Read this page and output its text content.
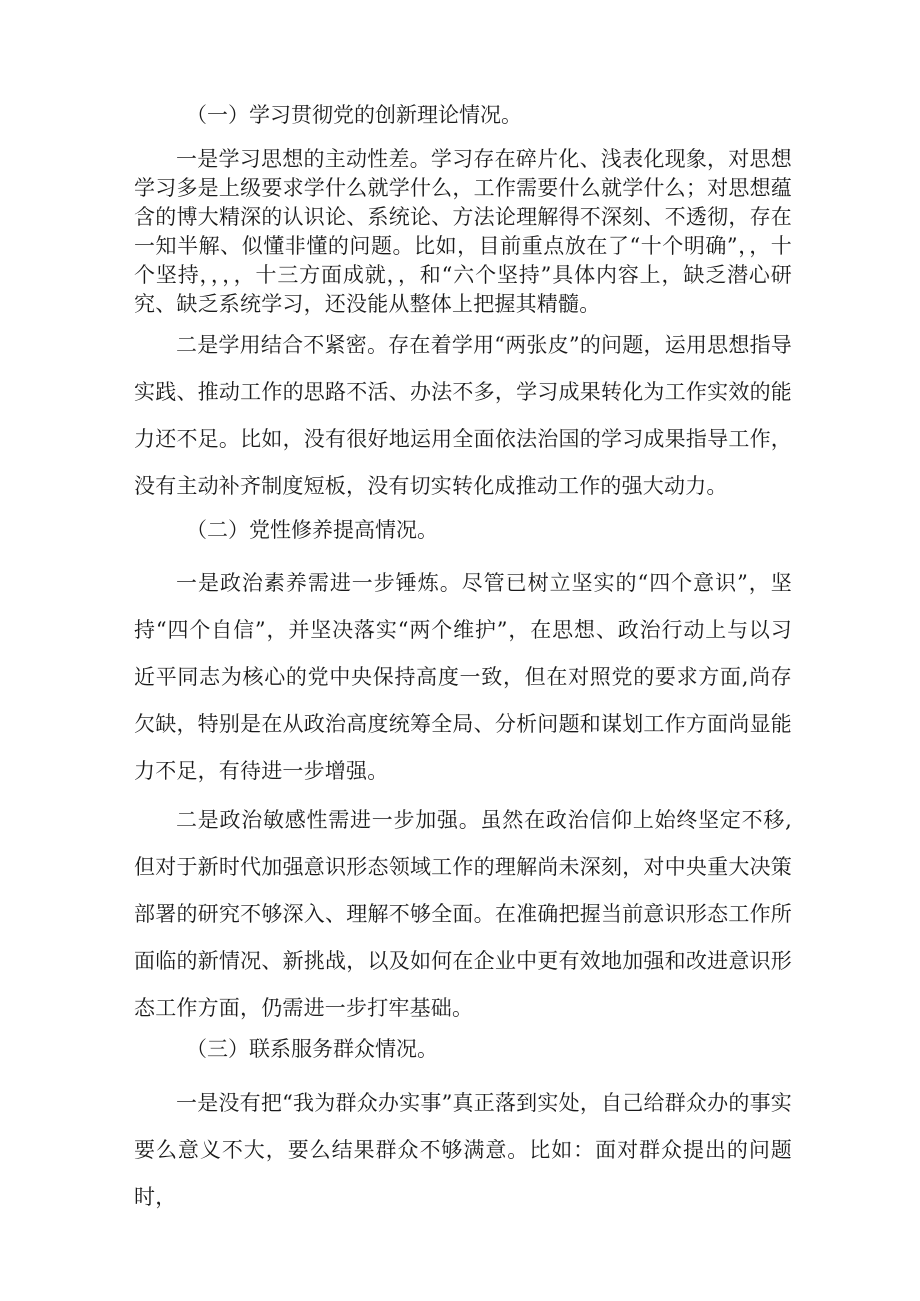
（一）学习贯彻党的创新理论情况。

一是学习思想的主动性差。学习存在碎片化、浅表化现象，对思想学习多是上级要求学什么就学什么，工作需要什么就学什么；对思想蕴含的博大精深的认识论、系统论、方法论理解得不深刻、不透彻，存在一知半解、似懂非懂的问题。比如，目前重点放在了“十个明确”，，十个坚持，，，，十三方面成就，，和“六个坚持”具体内容上，缺乏潜心研究、缺乏系统学习，还没能从整体上把握其精髓。

二是学用结合不紧密。存在着学用“两张皮”的问题，运用思想指导实践、推动工作的思路不活、办法不多，学习成果转化为工作实效的能力还不足。比如，没有很好地运用全面依法治国的学习成果指导工作，没有主动补齐制度短板，没有切实转化成推动工作的强大动力。

（二）党性修养提高情况。

一是政治素养需进一步锤炼。尽管已树立坚实的“四个意识”，坚持“四个自信”，并坚决落实“两个维护”，在思想、政治行动上与以习近平同志为核心的党中央保持高度一致，但在对照党的要求方面,尚存欠缺，特别是在从政治高度统筹全局、分析问题和谋划工作方面尚显能力不足，有待进一步增强。

二是政治敏感性需进一步加强。虽然在政治信仰上始终坚定不移,但对于新时代加强意识形态领域工作的理解尚未深刻，对中央重大决策部署的研究不够深入、理解不够全面。在准确把握当前意识形态工作所面临的新情况、新挑战，以及如何在企业中更有效地加强和改进意识形态工作方面，仍需进一步打牢基础。

（三）联系服务群众情况。

一是没有把“我为群众办实事”真正落到实处，自己给群众办的事实要么意义不大，要么结果群众不够满意。比如：面对群众提出的问题时，
